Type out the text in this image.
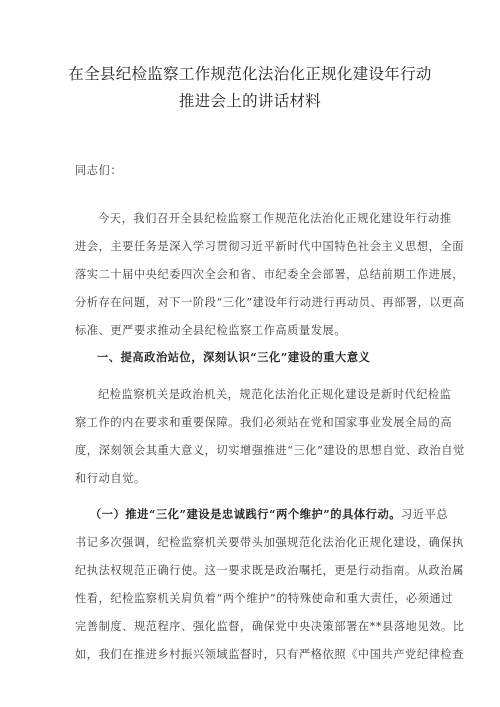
在全县纪检监察工作规范化法治化正规化建设年行动
推进会上的讲话材料
同志们：
今天，我们召开全县纪检监察工作规范化法治化正规化建设年行动推
进会，主要任务是深入学习贯彻习近平新时代中国特色社会主义思想，全面
落实二十届中央纪委四次全会和省、市纪委全会部署，总结前期工作进展，
分析存在问题，对下一阶段“三化”建设年行动进行再动员、再部署，以更高
标准、更严要求推动全县纪检监察工作高质量发展。
一、提高政治站位，深刻认识“三化”建设的重大意义
纪检监察机关是政治机关，规范化法治化正规化建设是新时代纪检监
察工作的内在要求和重要保障。我们必须站在党和国家事业发展全局的高
度，深刻领会其重大意义，切实增强推进“三化”建设的思想自觉、政治自觉
和行动自觉。
（一）推进“三化”建设是忠诚践行“两个维护”的具体行动。习近平总
书记多次强调，纪检监察机关要带头加强规范化法治化正规化建设，确保执
纪执法权规范正确行使。这一要求既是政治嘱托，更是行动指南。从政治属
性看，纪检监察机关肩负着“两个维护”的特殊使命和重大责任，必须通过
完善制度、规范程序、强化监督，确保党中央决策部署在**县落地见效。比
如，我们在推进乡村振兴领域监督时，只有严格依照《中国共产党纪律检查
